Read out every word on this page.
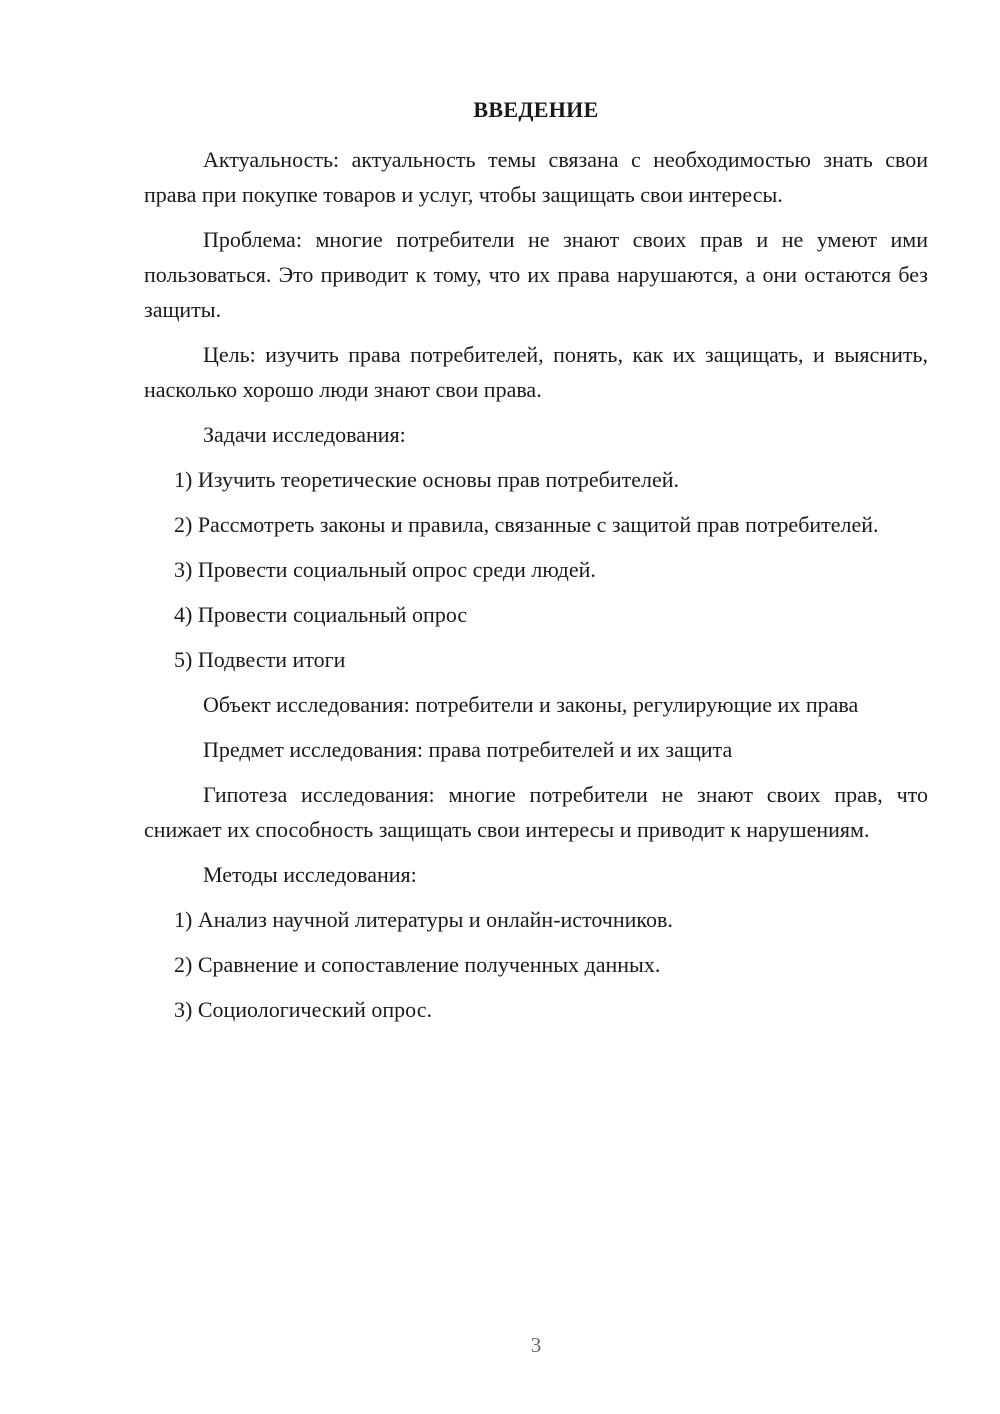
ВВЕДЕНИЕ
Актуальность: актуальность темы связана с необходимостью знать свои права при покупке товаров и услуг, чтобы защищать свои интересы.
Проблема: многие потребители не знают своих прав и не умеют ими пользоваться. Это приводит к тому, что их права нарушаются, а они остаются без защиты.
Цель: изучить права потребителей, понять, как их защищать, и выяснить, насколько хорошо люди знают свои права.
Задачи исследования:
1) Изучить теоретические основы прав потребителей.
2) Рассмотреть законы и правила, связанные с защитой прав потребителей.
3) Провести социальный опрос среди людей.
4) Провести социальный опрос
5) Подвести итоги
Объект исследования: потребители и законы, регулирующие их права
Предмет исследования: права потребителей и их защита
Гипотеза исследования: многие потребители не знают своих прав, что снижает их способность защищать свои интересы и приводит к нарушениям.
Методы исследования:
1) Анализ научной литературы и онлайн-источников.
2) Сравнение и сопоставление полученных данных.
3) Социологический опрос.
3
